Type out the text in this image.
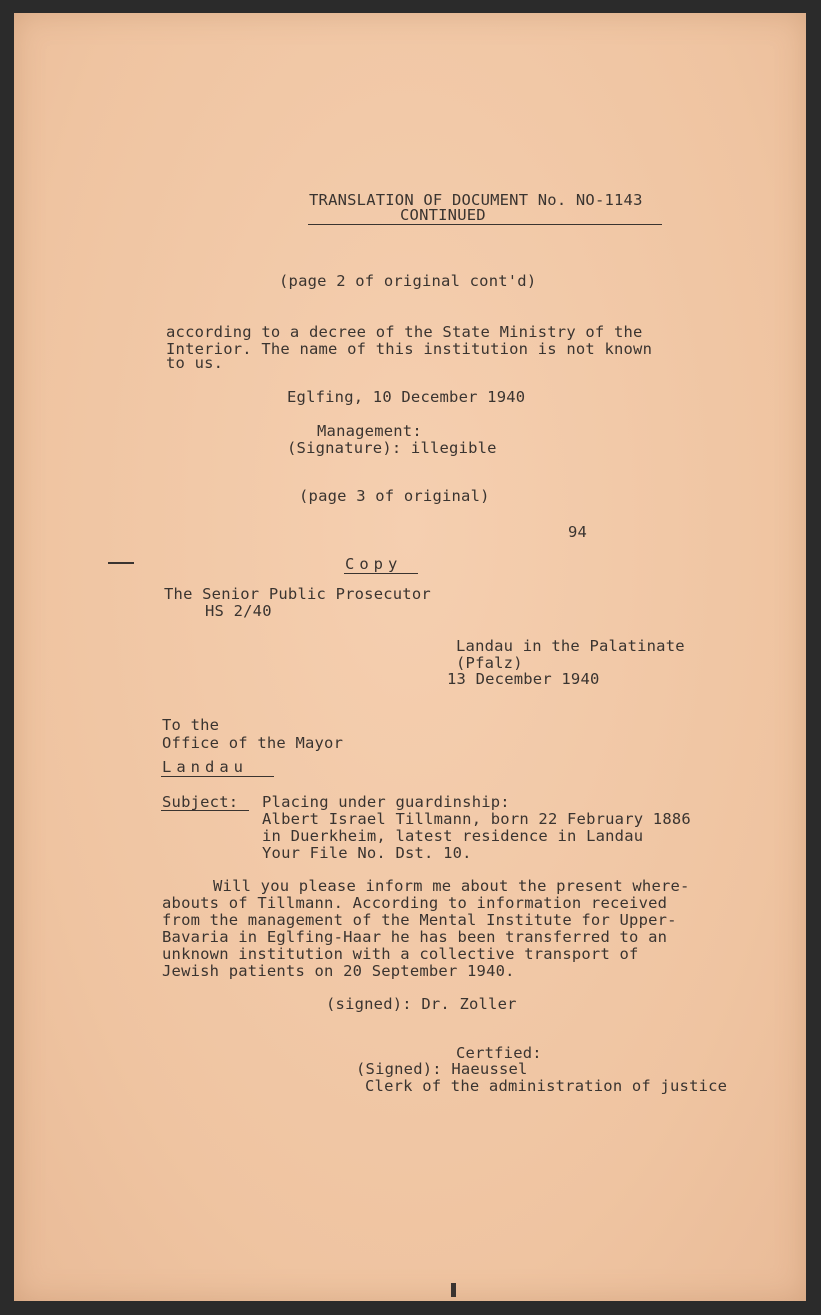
TRANSLATION OF DOCUMENT No. NO-1143
CONTINUED
(page 2 of original cont'd)
according to a decree of the State Ministry of the
Interior. The name of this institution is not known
to us.
Eglfing, 10 December 1940
Management:
(Signature): illegible
(page 3 of original)
94
Copy
The Senior Public Prosecutor
HS 2/40
Landau in the Palatinate
(Pfalz)
13 December 1940
To the
Office of the Mayor
Landau
Subject: Placing under guardinship:
Albert Israel Tillmann, born 22 February 1886
in Duerkheim, latest residence in Landau
Your File No. Dst. 10.
Will you please inform me about the present where-
abouts of Tillmann. According to information received
from the management of the Mental Institute for Upper-
Bavaria in Eglfing-Haar he has been transferred to an
unknown institution with a collective transport of
Jewish patients on 20 September 1940.
(signed): Dr. Zoller
Certfied:
(Signed): Haeussel
Clerk of the administration of justice
